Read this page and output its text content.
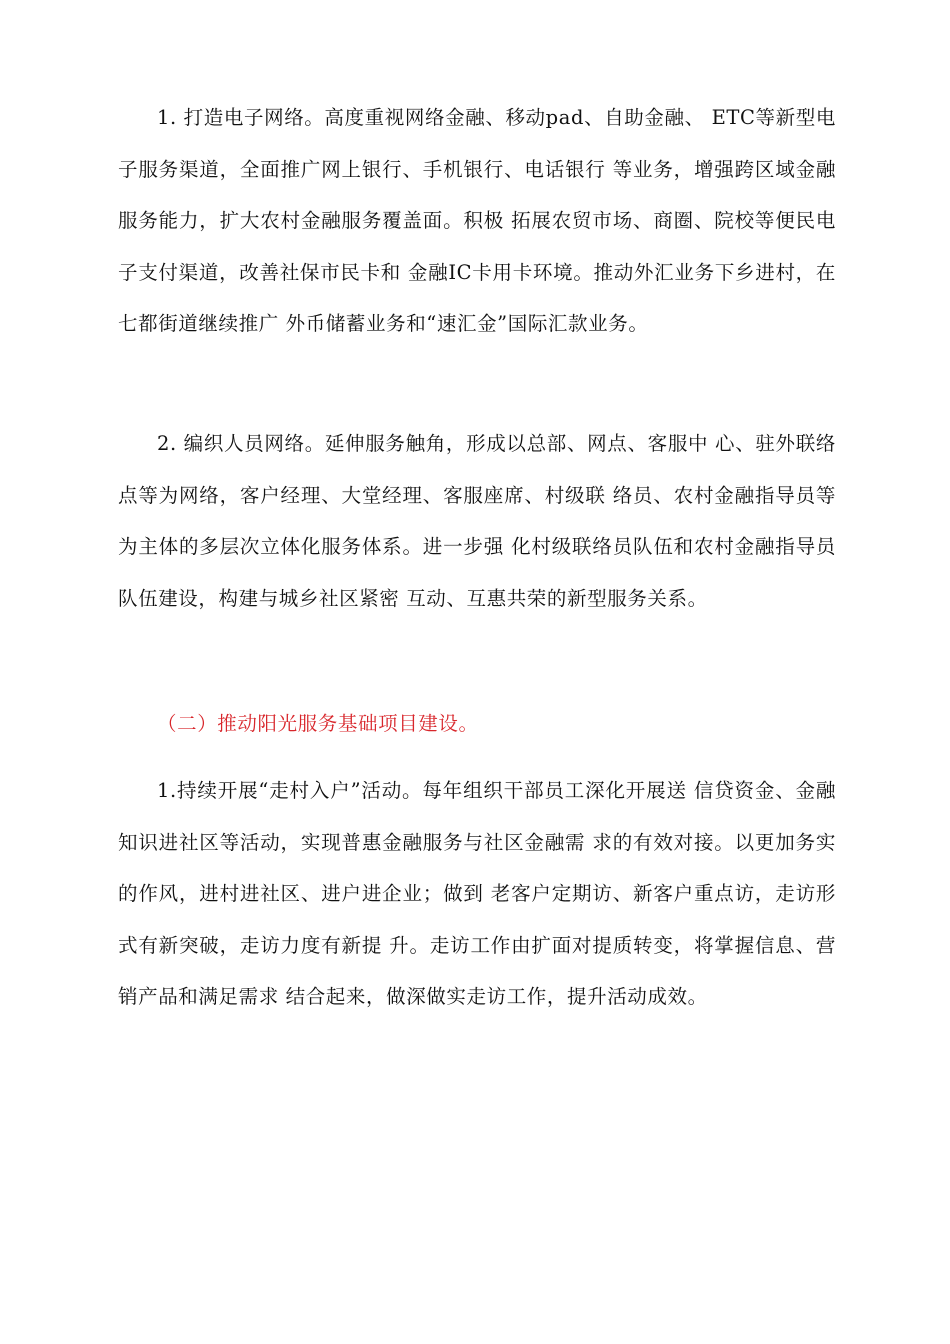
1. 打造电子网络。高度重视网络金融、移动pad、自助金融、 ETC等新型电子服务渠道，全面推广网上银行、手机银行、电话银行 等业务，增强跨区域金融服务能力，扩大农村金融服务覆盖面。积极 拓展农贸市场、商圈、院校等便民电子支付渠道，改善社保市民卡和 金融IC卡用卡环境。推动外汇业务下乡进村，在七都街道继续推广 外币储蓄业务和“速汇金”国际汇款业务。

2. 编织人员网络。延伸服务触角，形成以总部、网点、客服中 心、驻外联络点等为网络，客户经理、大堂经理、客服座席、村级联 络员、农村金融指导员等为主体的多层次立体化服务体系。进一步强 化村级联络员队伍和农村金融指导员队伍建设，构建与城乡社区紧密 互动、互惠共荣的新型服务关系。

（二）推动阳光服务基础项目建设。

1.持续开展“走村入户”活动。每年组织干部员工深化开展送 信贷资金、金融知识进社区等活动，实现普惠金融服务与社区金融需 求的有效对接。以更加务实的作风，进村进社区、进户进企业；做到 老客户定期访、新客户重点访，走访形式有新突破，走访力度有新提 升。走访工作由扩面对提质转变，将掌握信息、营销产品和满足需求 结合起来，做深做实走访工作，提升活动成效。
